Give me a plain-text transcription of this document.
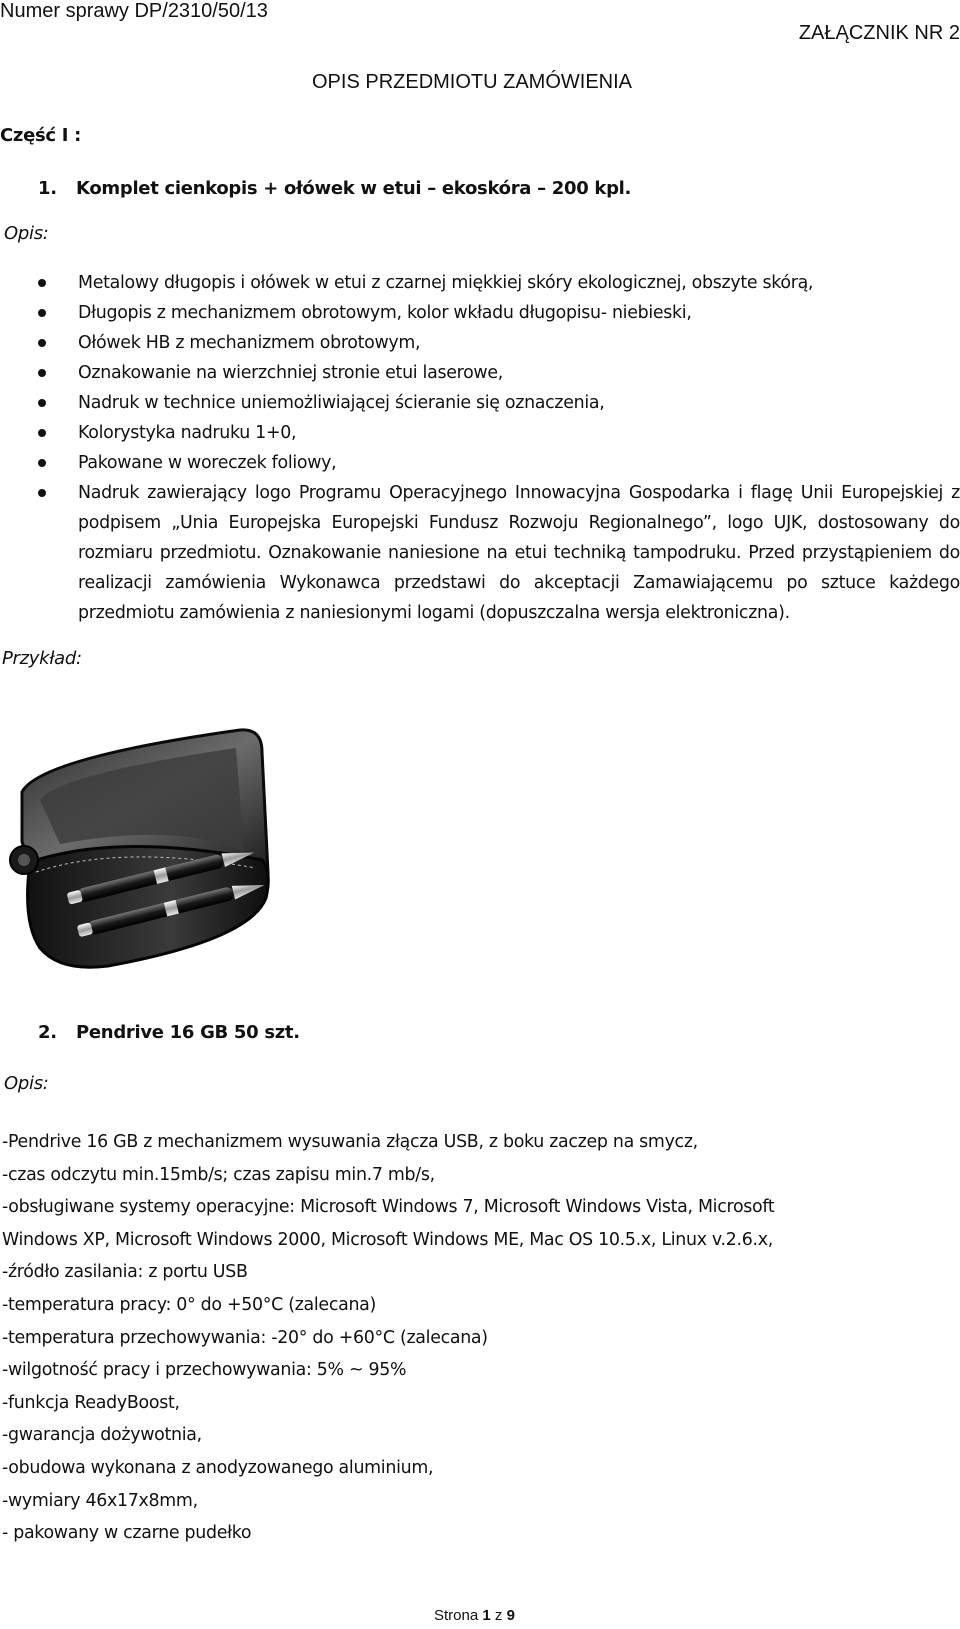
Numer sprawy DP/2310/50/13
ZAŁĄCZNIK NR 2
OPIS PRZEDMIOTU ZAMÓWIENIA
Część I :
1. Komplet cienkopis + ołówek w etui – ekoskóra – 200 kpl.
Opis:
Metalowy długopis i ołówek w etui z czarnej miękkiej skóry ekologicznej, obszyte skórą,
Długopis z mechanizmem obrotowym, kolor wkładu długopisu- niebieski,
Ołówek HB z mechanizmem obrotowym,
Oznakowanie na wierzchniej stronie etui laserowe,
Nadruk w technice uniemożliwiającej ścieranie się oznaczenia,
Kolorystyka nadruku 1+0,
Pakowane w woreczek foliowy,
Nadruk zawierający logo Programu Operacyjnego Innowacyjna Gospodarka i flagę Unii Europejskiej z podpisem „Unia Europejska Europejski Fundusz Rozwoju Regionalnego”, logo UJK, dostosowany do rozmiaru przedmiotu. Oznakowanie naniesione na etui techniką tampodruku. Przed przystąpieniem do realizacji zamówienia Wykonawca przedstawi do akceptacji Zamawiającemu po sztuce każdego przedmiotu zamówienia z naniesionymi logami (dopuszczalna wersja elektroniczna).
Przykład:
2. Pendrive 16 GB 50 szt.
Opis:
-Pendrive 16 GB z mechanizmem wysuwania złącza USB, z boku zaczep na smycz,
-czas odczytu min.15mb/s; czas zapisu min.7 mb/s,
-obsługiwane systemy operacyjne: Microsoft Windows 7, Microsoft Windows Vista, Microsoft
Windows XP, Microsoft Windows 2000, Microsoft Windows ME, Mac OS 10.5.x, Linux v.2.6.x,
-źródło zasilania: z portu USB
-temperatura pracy: 0° do +50°C (zalecana)
-temperatura przechowywania: -20° do +60°C (zalecana)
-wilgotność pracy i przechowywania: 5% ~ 95%
-funkcja ReadyBoost,
-gwarancja dożywotnia,
-obudowa wykonana z anodyzowanego aluminium,
-wymiary 46x17x8mm,
- pakowany w czarne pudełko
Strona 1 z 9
